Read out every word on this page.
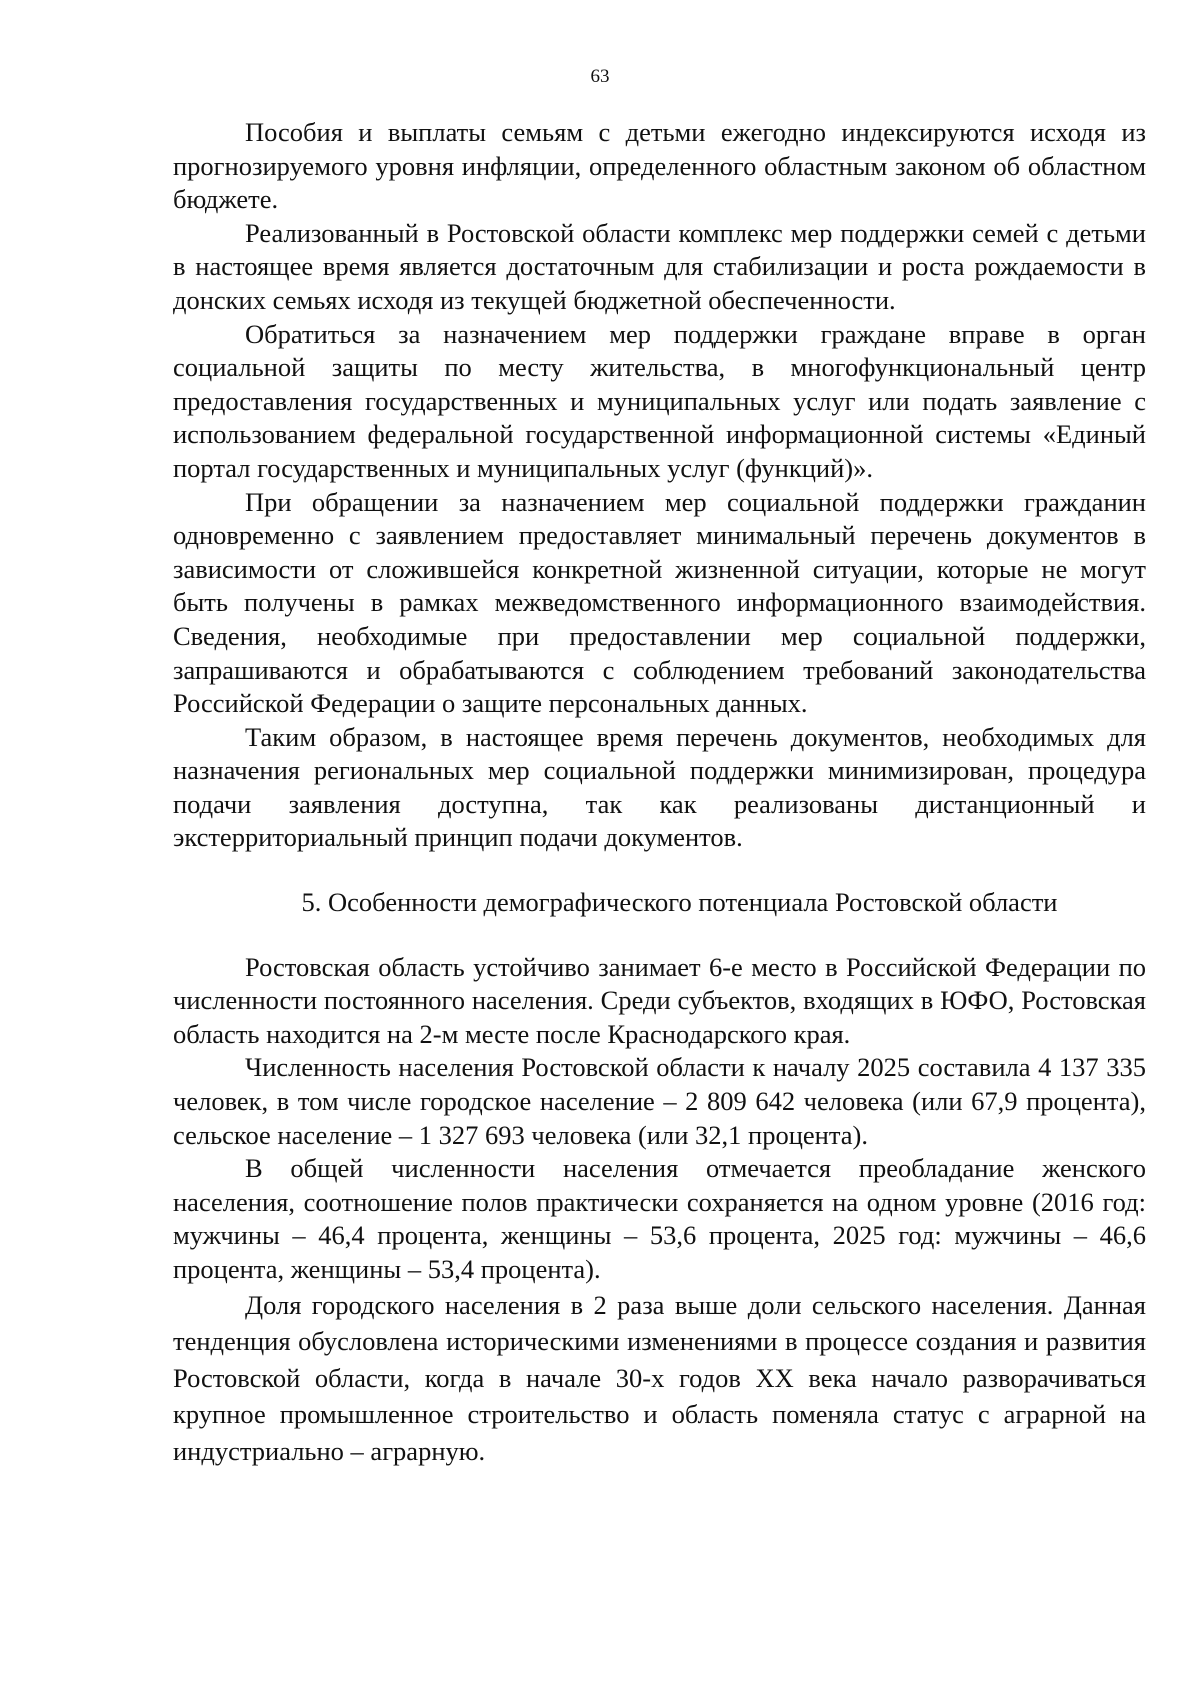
63

Пособия и выплаты семьям с детьми ежегодно индексируются исходя из прогнозируемого уровня инфляции, определенного областным законом об областном бюджете.

Реализованный в Ростовской области комплекс мер поддержки семей с детьми в настоящее время является достаточным для стабилизации и роста рождаемости в донских семьях исходя из текущей бюджетной обеспеченности.

Обратиться за назначением мер поддержки граждане вправе в орган социальной защиты по месту жительства, в многофункциональный центр предоставления государственных и муниципальных услуг или подать заявление с использованием федеральной государственной информационной системы «Единый портал государственных и муниципальных услуг (функций)».

При обращении за назначением мер социальной поддержки гражданин одновременно с заявлением предоставляет минимальный перечень документов в зависимости от сложившейся конкретной жизненной ситуации, которые не могут быть получены в рамках межведомственного информационного взаимодействия. Сведения, необходимые при предоставлении мер социальной поддержки, запрашиваются и обрабатываются с соблюдением требований законодательства Российской Федерации о защите персональных данных.

Таким образом, в настоящее время перечень документов, необходимых для назначения региональных мер социальной поддержки минимизирован, процедура подачи заявления доступна, так как реализованы дистанционный и экстерриториальный принцип подачи документов.

5. Особенности демографического потенциала Ростовской области

Ростовская область устойчиво занимает 6-е место в Российской Федерации по численности постоянного населения. Среди субъектов, входящих в ЮФО, Ростовская область находится на 2-м месте после Краснодарского края.

Численность населения Ростовской области к началу 2025 составила 4 137 335 человек, в том числе городское население – 2 809 642 человека (или 67,9 процента), сельское население – 1 327 693 человека (или 32,1 процента).

В общей численности населения отмечается преобладание женского населения, соотношение полов практически сохраняется на одном уровне (2016 год: мужчины – 46,4 процента, женщины – 53,6 процента, 2025 год: мужчины – 46,6 процента, женщины – 53,4 процента).

Доля городского населения в 2 раза выше доли сельского населения. Данная тенденция обусловлена историческими изменениями в процессе создания и развития Ростовской области, когда в начале 30-х годов XX века начало разворачиваться крупное промышленное строительство и область поменяла статус с аграрной на индустриально – аграрную.
